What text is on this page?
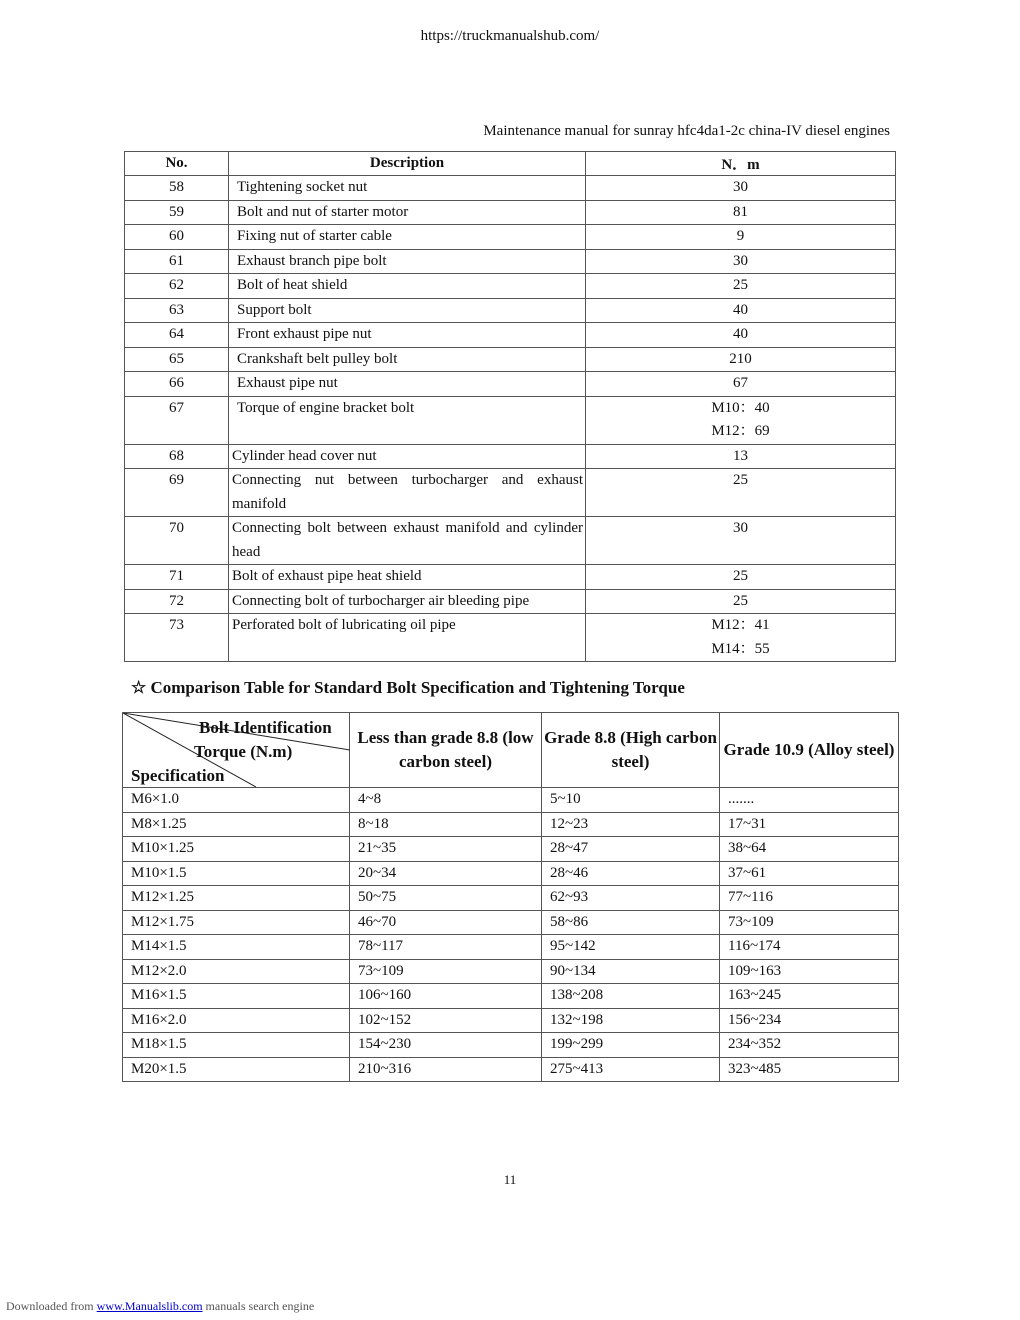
https://truckmanualshub.com/
Maintenance manual for sunray hfc4da1-2c china-IV diesel engines
No.	Description	N．m
58	Tightening socket nut	30

59	Bolt and nut of starter motor	81

60	Fixing nut of starter cable	9

61	Exhaust branch pipe bolt	30

62	Bolt of heat shield	25

63	Support bolt	40

64	Front exhaust pipe nut	40

65	Crankshaft belt pulley bolt	210

66	Exhaust pipe nut	67

67	Torque of engine bracket bolt	M10：40
M12：69

68	Cylinder head cover nut	13

69	Connecting nut between turbocharger and exhaust manifold	25

70	Connecting bolt between exhaust manifold and cylinder head	30

71	Bolt of exhaust pipe heat shield	25

72	Connecting bolt of turbocharger air bleeding pipe	25

73	Perforated bolt of lubricating oil pipe	M12：41
M14：55
☆ Comparison Table for Standard Bolt Specification and Tightening Torque
Bolt Identification
Torque (N.m)
Specification	Less than grade 8.8 (low carbon steel)	Grade 8.8 (High carbon steel)	Grade 10.9 (Alloy steel)
M6×1.0	4~8	5~10	.......
M8×1.25	8~18	12~23	17~31
M10×1.25	21~35	28~47	38~64
M10×1.5	20~34	28~46	37~61
M12×1.25	50~75	62~93	77~116
M12×1.75	46~70	58~86	73~109
M14×1.5	78~117	95~142	116~174
M12×2.0	73~109	90~134	109~163
M16×1.5	106~160	138~208	163~245
M16×2.0	102~152	132~198	156~234
M18×1.5	154~230	199~299	234~352
M20×1.5	210~316	275~413	323~485
11
Downloaded from www.Manualslib.com manuals search engine
